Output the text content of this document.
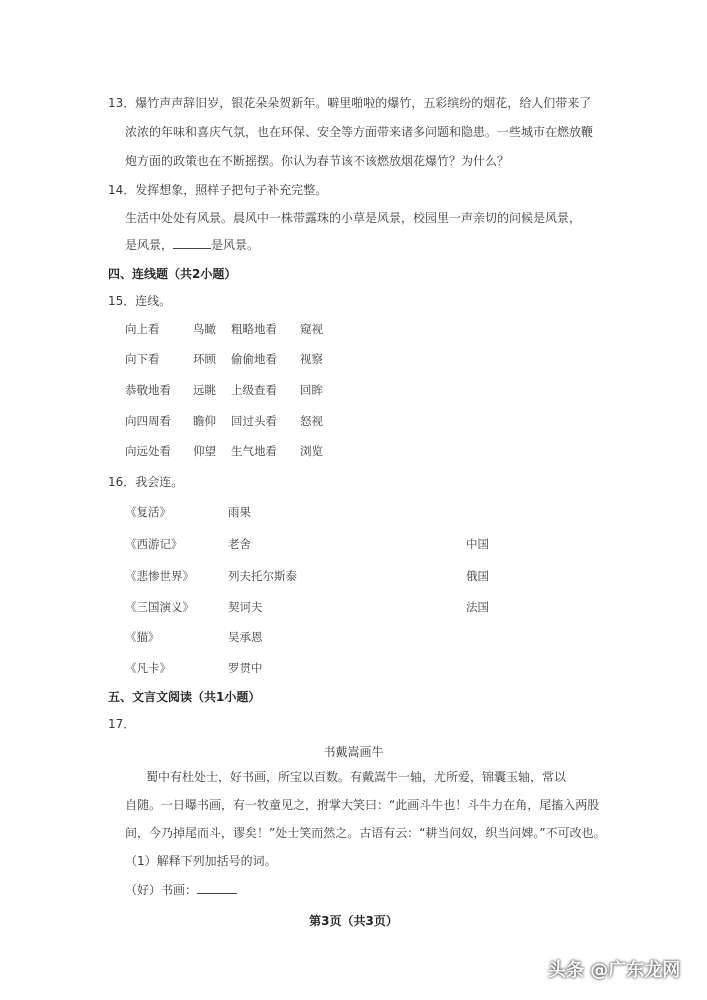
13．爆竹声声辞旧岁，银花朵朵贺新年。噼里啪啦的爆竹，五彩缤纷的烟花，给人们带来了
浓浓的年味和喜庆气氛，也在环保、安全等方面带来诸多问题和隐患。一些城市在燃放鞭
炮方面的政策也在不断摇摆。你认为春节该不该燃放烟花爆竹？为什么？
14．发挥想象，照样子把句子补充完整。
生活中处处有风景。晨风中一株带露珠的小草是风景，校园里一声亲切的问候是风景，
是风景，	是风景。
四、连线题（共2小题）
15．连线。
向上看	鸟瞰 粗略地看 窥视
向下看	环顾 偷偷地看 视察
恭敬地看 远眺 上级查看 回眸
向四周看 瞻仰 回过头看 怒视
向远处看 仰望 生气地看 浏览
16．我会连。
《复活》	雨果
《西游记》	老舍	中国
《悲惨世界》	列夫托尔斯泰	俄国
《三国演义》	契诃夫	法国
《猫》	吴承恩
《凡卡》	罗贯中
五、文言文阅读（共1小题）
17．
书戴嵩画牛
蜀中有杜处士，好书画，所宝以百数。有戴嵩牛一轴，尤所爱，锦囊玉轴，常以
自随。一日曝书画，有一牧童见之，拊掌大笑曰：“此画斗牛也！斗牛力在角，尾搐入两股
间，今乃掉尾而斗，谬矣！”处士笑而然之。古语有云：“耕当问奴，织当问婢。”不可改也。
（1）解释下列加括号的词。
（好）书画：
第3页（共3页）
头条 @广东龙网
